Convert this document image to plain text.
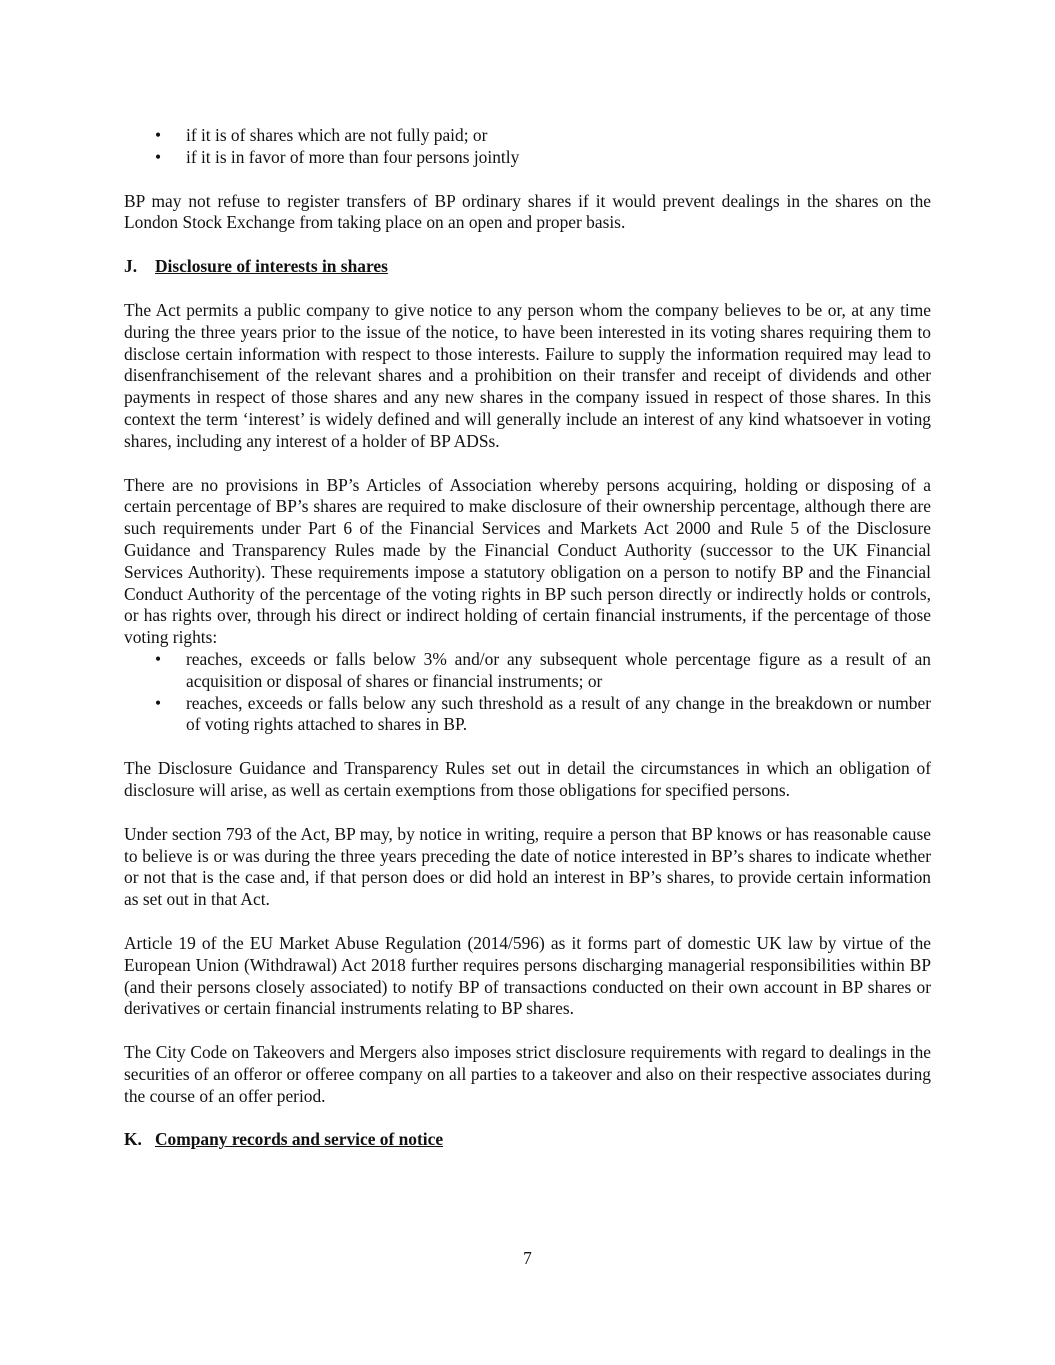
• if it is of shares which are not fully paid; or
• if it is in favor of more than four persons jointly

BP may not refuse to register transfers of BP ordinary shares if it would prevent dealings in the shares on the London Stock Exchange from taking place on an open and proper basis.

J. Disclosure of interests in shares

The Act permits a public company to give notice to any person whom the company believes to be or, at any time during the three years prior to the issue of the notice, to have been interested in its voting shares requiring them to disclose certain information with respect to those interests. Failure to supply the information required may lead to disenfranchisement of the relevant shares and a prohibition on their transfer and receipt of dividends and other payments in respect of those shares and any new shares in the company issued in respect of those shares. In this context the term ‘interest’ is widely defined and will generally include an interest of any kind whatsoever in voting shares, including any interest of a holder of BP ADSs.

There are no provisions in BP’s Articles of Association whereby persons acquiring, holding or disposing of a certain percentage of BP’s shares are required to make disclosure of their ownership percentage, although there are such requirements under Part 6 of the Financial Services and Markets Act 2000 and Rule 5 of the Disclosure Guidance and Transparency Rules made by the Financial Conduct Authority (successor to the UK Financial Services Authority). These requirements impose a statutory obligation on a person to notify BP and the Financial Conduct Authority of the percentage of the voting rights in BP such person directly or indirectly holds or controls, or has rights over, through his direct or indirect holding of certain financial instruments, if the percentage of those voting rights:

• reaches, exceeds or falls below 3% and/or any subsequent whole percentage figure as a result of an acquisition or disposal of shares or financial instruments; or
• reaches, exceeds or falls below any such threshold as a result of any change in the breakdown or number of voting rights attached to shares in BP.

The Disclosure Guidance and Transparency Rules set out in detail the circumstances in which an obligation of disclosure will arise, as well as certain exemptions from those obligations for specified persons.

Under section 793 of the Act, BP may, by notice in writing, require a person that BP knows or has reasonable cause to believe is or was during the three years preceding the date of notice interested in BP’s shares to indicate whether or not that is the case and, if that person does or did hold an interest in BP’s shares, to provide certain information as set out in that Act.

Article 19 of the EU Market Abuse Regulation (2014/596) as it forms part of domestic UK law by virtue of the European Union (Withdrawal) Act 2018 further requires persons discharging managerial responsibilities within BP (and their persons closely associated) to notify BP of transactions conducted on their own account in BP shares or derivatives or certain financial instruments relating to BP shares.

The City Code on Takeovers and Mergers also imposes strict disclosure requirements with regard to dealings in the securities of an offeror or offeree company on all parties to a takeover and also on their respective associates during the course of an offer period.

K. Company records and service of notice
7
